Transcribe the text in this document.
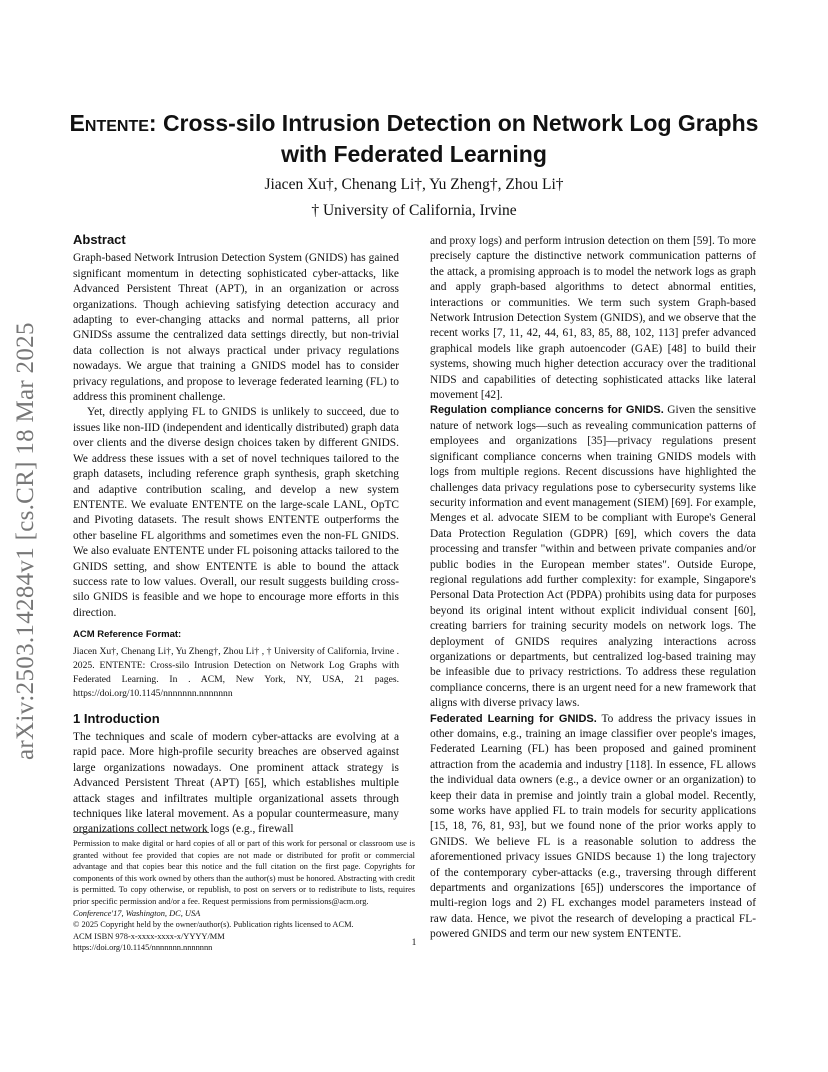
Entente: Cross-silo Intrusion Detection on Network Log Graphs with Federated Learning
Jiacen Xu†, Chenang Li†, Yu Zheng†, Zhou Li†
† University of California, Irvine
arXiv:2503.14284v1 [cs.CR] 18 Mar 2025
Abstract

Graph-based Network Intrusion Detection System (GNIDS) has gained significant momentum in detecting sophisticated cyber-attacks, like Advanced Persistent Threat (APT), in an organization or across organizations. Though achieving satisfying detection accuracy and adapting to ever-changing attacks and normal patterns, all prior GNIDSs assume the centralized data settings directly, but non-trivial data collection is not always practical under privacy regulations nowadays. We argue that training a GNIDS model has to consider privacy regulations, and propose to leverage federated learning (FL) to address this prominent challenge.

Yet, directly applying FL to GNIDS is unlikely to succeed, due to issues like non-IID (independent and identically distributed) graph data over clients and the diverse design choices taken by different GNIDS. We address these issues with a set of novel techniques tailored to the graph datasets, including reference graph synthesis, graph sketching and adaptive contribution scaling, and develop a new system ENTENTE. We evaluate ENTENTE on the large-scale LANL, OpTC and Pivoting datasets. The result shows ENTENTE outperforms the other baseline FL algorithms and sometimes even the non-FL GNIDS. We also evaluate ENTENTE under FL poisoning attacks tailored to the GNIDS setting, and show ENTENTE is able to bound the attack success rate to low values. Overall, our result suggests building cross-silo GNIDS is feasible and we hope to encourage more efforts in this direction.

ACM Reference Format:
Jiacen Xu†, Chenang Li†, Yu Zheng†, Zhou Li† , † University of California, Irvine . 2025. ENTENTE: Cross-silo Intrusion Detection on Network Log Graphs with Federated Learning. In . ACM, New York, NY, USA, 21 pages. https://doi.org/10.1145/nnnnnnn.nnnnnnn
1 Introduction

The techniques and scale of modern cyber-attacks are evolving at a rapid pace. More high-profile security breaches are observed against large organizations nowadays. One prominent attack strategy is Advanced Persistent Threat (APT) [65], which establishes multiple attack stages and infiltrates multiple organizational assets through techniques like lateral movement. As a popular countermeasure, many organizations collect network logs (e.g., firewall

Permission to make digital or hard copies of all or part of this work for personal or classroom use is granted without fee provided that copies are not made or distributed for profit or commercial advantage and that copies bear this notice and the full citation on the first page. Copyrights for components of this work owned by others than the author(s) must be honored. Abstracting with credit is permitted. To copy otherwise, or republish, to post on servers or to redistribute to lists, requires prior specific permission and/or a fee. Request permissions from permissions@acm.org.
Conference'17, Washington, DC, USA
© 2025 Copyright held by the owner/author(s). Publication rights licensed to ACM.
ACM ISBN 978-x-xxxx-xxxx-x/YYYY/MM
https://doi.org/10.1145/nnnnnnn.nnnnnnn

and proxy logs) and perform intrusion detection on them [59]. To more precisely capture the distinctive network communication patterns of the attack, a promising approach is to model the network logs as graph and apply graph-based algorithms to detect abnormal entities, interactions or communities. We term such system Graph-based Network Intrusion Detection System (GNIDS), and we observe that the recent works [7, 11, 42, 44, 61, 83, 85, 88, 102, 113] prefer advanced graphical models like graph autoencoder (GAE) [48] to build their systems, showing much higher detection accuracy over the traditional NIDS and capabilities of detecting sophisticated attacks like lateral movement [42].

Regulation compliance concerns for GNIDS. Given the sensitive nature of network logs—such as revealing communication patterns of employees and organizations [35]—privacy regulations present significant compliance concerns when training GNIDS models with logs from multiple regions. Recent discussions have highlighted the challenges data privacy regulations pose to cybersecurity systems like security information and event management (SIEM) [69]. For example, Menges et al. advocate SIEM to be compliant with Europe's General Data Protection Regulation (GDPR) [69], which covers the data processing and transfer "within and between private companies and/or public bodies in the European member states". Outside Europe, regional regulations add further complexity: for example, Singapore's Personal Data Protection Act (PDPA) prohibits using data for purposes beyond its original intent without explicit individual consent [60], creating barriers for training security models on network logs. The deployment of GNIDS requires analyzing interactions across organizations or departments, but centralized log-based training may be infeasible due to privacy restrictions. To address these regulation compliance concerns, there is an urgent need for a new framework that aligns with diverse privacy laws.

Federated Learning for GNIDS. To address the privacy issues in other domains, e.g., training an image classifier over people's images, Federated Learning (FL) has been proposed and gained prominent attraction from the academia and industry [118]. In essence, FL allows the individual data owners (e.g., a device owner or an organization) to keep their data in premise and jointly train a global model. Recently, some works have applied FL to train models for security applications [15, 18, 76, 81, 93], but we found none of the prior works apply to GNIDS. We believe FL is a reasonable solution to address the aforementioned privacy issues GNIDS because 1) the long trajectory of the contemporary cyber-attacks (e.g., traversing through different departments and organizations [65]) underscores the importance of multi-region logs and 2) FL exchanges model parameters instead of raw data. Hence, we pivot the research of developing a practical FL-powered GNIDS and term our new system ENTENTE.

1
